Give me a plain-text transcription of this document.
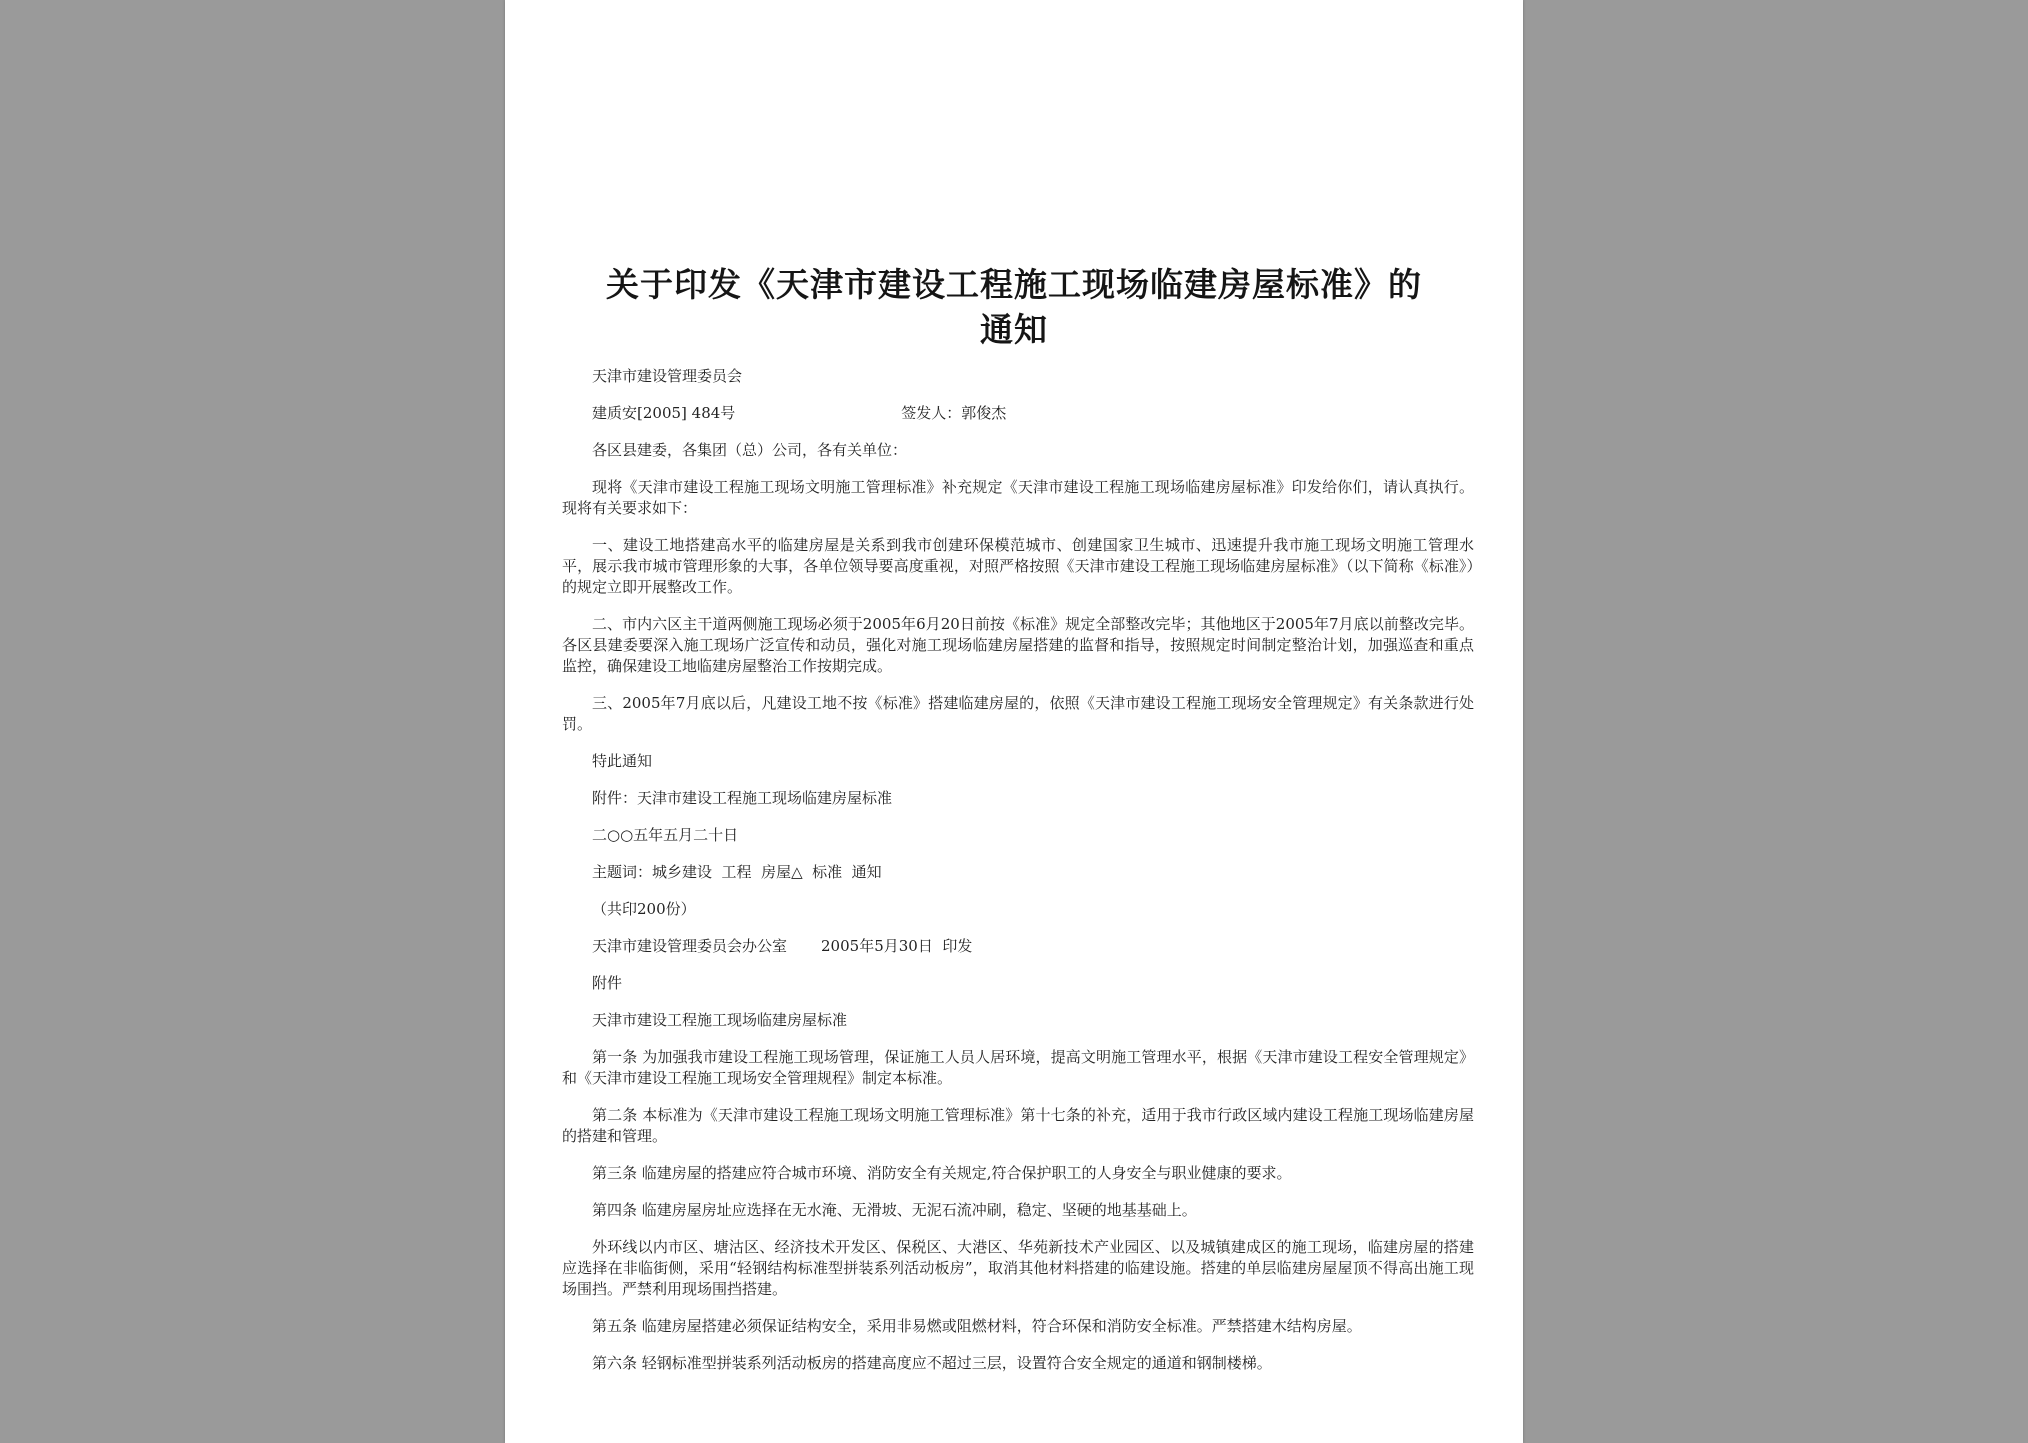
关于印发《天津市建设工程施工现场临建房屋标准》的
通知
天津市建设管理委员会
建质安[2005] 484号	签发人：郭俊杰
各区县建委，各集团（总）公司，各有关单位：

现将《天津市建设工程施工现场文明施工管理标准》补充规定《天津市建设工程施工现场临建房屋标准》印发给你们，请认真执行。现将有关要求如下：

一、建设工地搭建高水平的临建房屋是关系到我市创建环保模范城市、创建国家卫生城市、迅速提升我市施工现场文明施工管理水平，展示我市城市管理形象的大事，各单位领导要高度重视，对照严格按照《天津市建设工程施工现场临建房屋标准》（以下简称《标准》）的规定立即开展整改工作。

二、市内六区主干道两侧施工现场必须于2005年6月20日前按《标准》规定全部整改完毕；其他地区于2005年7月底以前整改完毕。各区县建委要深入施工现场广泛宣传和动员，强化对施工现场临建房屋搭建的监督和指导，按照规定时间制定整治计划，加强巡查和重点监控，确保建设工地临建房屋整治工作按期完成。

三、2005年7月底以后，凡建设工地不按《标准》搭建临建房屋的，依照《天津市建设工程施工现场安全管理规定》有关条款进行处罚。

特此通知
附件：天津市建设工程施工现场临建房屋标准
二○○五年五月二十日
主题词：城乡建设  工程  房屋△  标准  通知
（共印200份）
天津市建设管理委员会办公室 2005年5月30日  印发
附件
天津市建设工程施工现场临建房屋标准

第一条 为加强我市建设工程施工现场管理，保证施工人员人居环境，提高文明施工管理水平，根据《天津市建设工程安全管理规定》和《天津市建设工程施工现场安全管理规程》制定本标准。

第二条 本标准为《天津市建设工程施工现场文明施工管理标准》第十七条的补充，适用于我市行政区域内建设工程施工现场临建房屋的搭建和管理。

第三条 临建房屋的搭建应符合城市环境、消防安全有关规定,符合保护职工的人身安全与职业健康的要求。

第四条 临建房屋房址应选择在无水淹、无滑坡、无泥石流冲刷，稳定、坚硬的地基基础上。

外环线以内市区、塘沽区、经济技术开发区、保税区、大港区、华苑新技术产业园区、以及城镇建成区的施工现场，临建房屋的搭建应选择在非临街侧，采用“轻钢结构标准型拼装系列活动板房”，取消其他材料搭建的临建设施。搭建的单层临建房屋屋顶不得高出施工现场围挡。严禁利用现场围挡搭建。

第五条 临建房屋搭建必须保证结构安全，采用非易燃或阻燃材料，符合环保和消防安全标准。严禁搭建木结构房屋。

第六条 轻钢标准型拼装系列活动板房的搭建高度应不超过三层，设置符合安全规定的通道和钢制楼梯。
